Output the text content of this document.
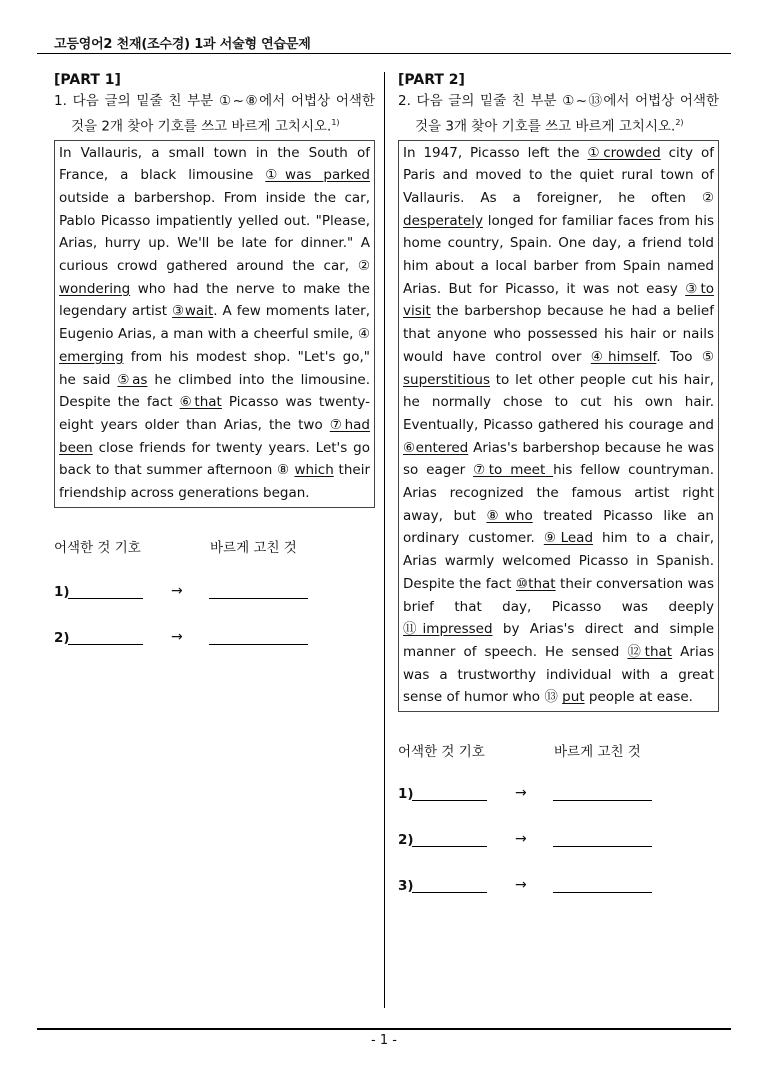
고등영어2 천재(조수경) 1과 서술형 연습문제
[PART 1]
1. 다음 글의 밑줄 친 부분 ①~⑧에서 어법상 어색한 것을 2개 찾아 기호를 쓰고 바르게 고치시오.$^{1)}$
In Vallauris, a small town in the South of France, a black limousine ①was parked outside a barbershop. From inside the car, Pablo Picasso impatiently yelled out. "Please, Arias, hurry up. We'll be late for dinner." A curious crowd gathered around the car, ② wondering who had the nerve to make the legendary artist ③wait. A few moments later, Eugenio Arias, a man with a cheerful smile, ④ emerging from his modest shop. "Let's go," he said ⑤as he climbed into the limousine. Despite the fact ⑥that Picasso was twenty-eight years older than Arias, the two ⑦had been close friends for twenty years. Let's go back to that summer afternoon ⑧ which their friendship across generations began.
어색한 것 기호	바르게 고친 것
1)	→
2)	→
[PART 2]
2. 다음 글의 밑줄 친 부분 ①~⑬에서 어법상 어색한 것을 3개 찾아 기호를 쓰고 바르게 고치시오.$^{2)}$
In 1947, Picasso left the ①crowded city of Paris and moved to the quiet rural town of Vallauris. As a foreigner, he often ② desperately longed for familiar faces from his home country, Spain. One day, a friend told him about a local barber from Spain named Arias. But for Picasso, it was not easy ③to visit the barbershop because he had a belief that anyone who possessed his hair or nails would have control over ④himself. Too ⑤ superstitious to let other people cut his hair, he normally chose to cut his own hair. Eventually, Picasso gathered his courage and ⑥entered Arias's barbershop because he was so eager ⑦to meet his fellow countryman. Arias recognized the famous artist right away, but ⑧who treated Picasso like an ordinary customer. ⑨Lead him to a chair, Arias warmly welcomed Picasso in Spanish. Despite the fact ⑩that their conversation was brief that day, Picasso was deeply ⑪impressed by Arias's direct and simple manner of speech. He sensed ⑫that Arias was a trustworthy individual with a great sense of humor who ⑬ put people at ease.
어색한 것 기호	바르게 고친 것
1)	→
2)	→
3)	→
- 1 -
